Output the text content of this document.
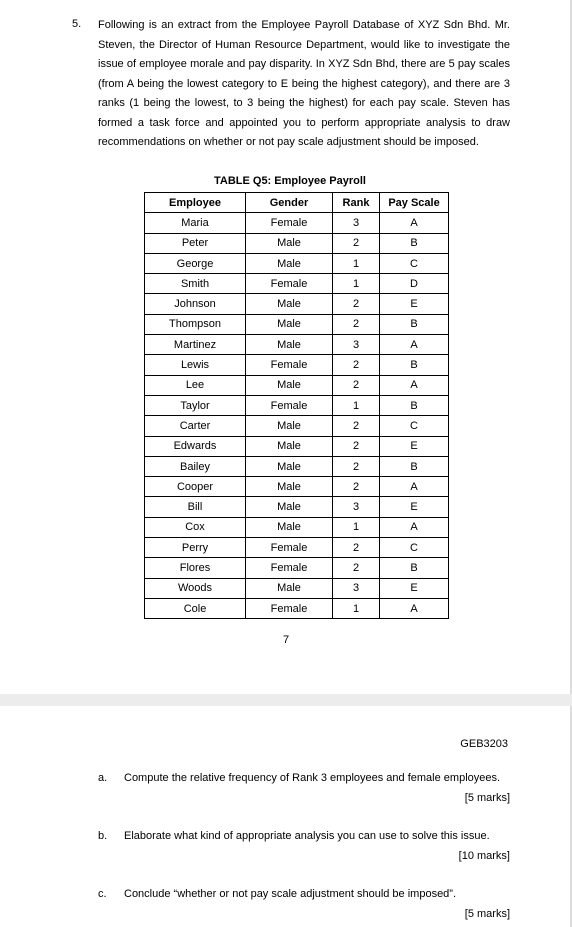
5. Following is an extract from the Employee Payroll Database of XYZ Sdn Bhd. Mr. Steven, the Director of Human Resource Department, would like to investigate the issue of employee morale and pay disparity. In XYZ Sdn Bhd, there are 5 pay scales (from A being the lowest category to E being the highest category), and there are 3 ranks (1 being the lowest, to 3 being the highest) for each pay scale. Steven has formed a task force and appointed you to perform appropriate analysis to draw recommendations on whether or not pay scale adjustment should be imposed.
TABLE Q5: Employee Payroll
Employee	Gender	Rank	Pay Scale
Maria	Female	3	A
Peter	Male	2	B
George	Male	1	C
Smith	Female	1	D
Johnson	Male	2	E
Thompson	Male	2	B
Martinez	Male	3	A
Lewis	Female	2	B
Lee	Male	2	A
Taylor	Female	1	B
Carter	Male	2	C
Edwards	Male	2	E
Bailey	Male	2	B
Cooper	Male	2	A
Bill	Male	3	E
Cox	Male	1	A
Perry	Female	2	C
Flores	Female	2	B
Woods	Male	3	E
Cole	Female	1	A
7
GEB3203
a. Compute the relative frequency of Rank 3 employees and female employees.
[5 marks]
b. Elaborate what kind of appropriate analysis you can use to solve this issue.
[10 marks]
c. Conclude “whether or not pay scale adjustment should be imposed”.
[5 marks]
